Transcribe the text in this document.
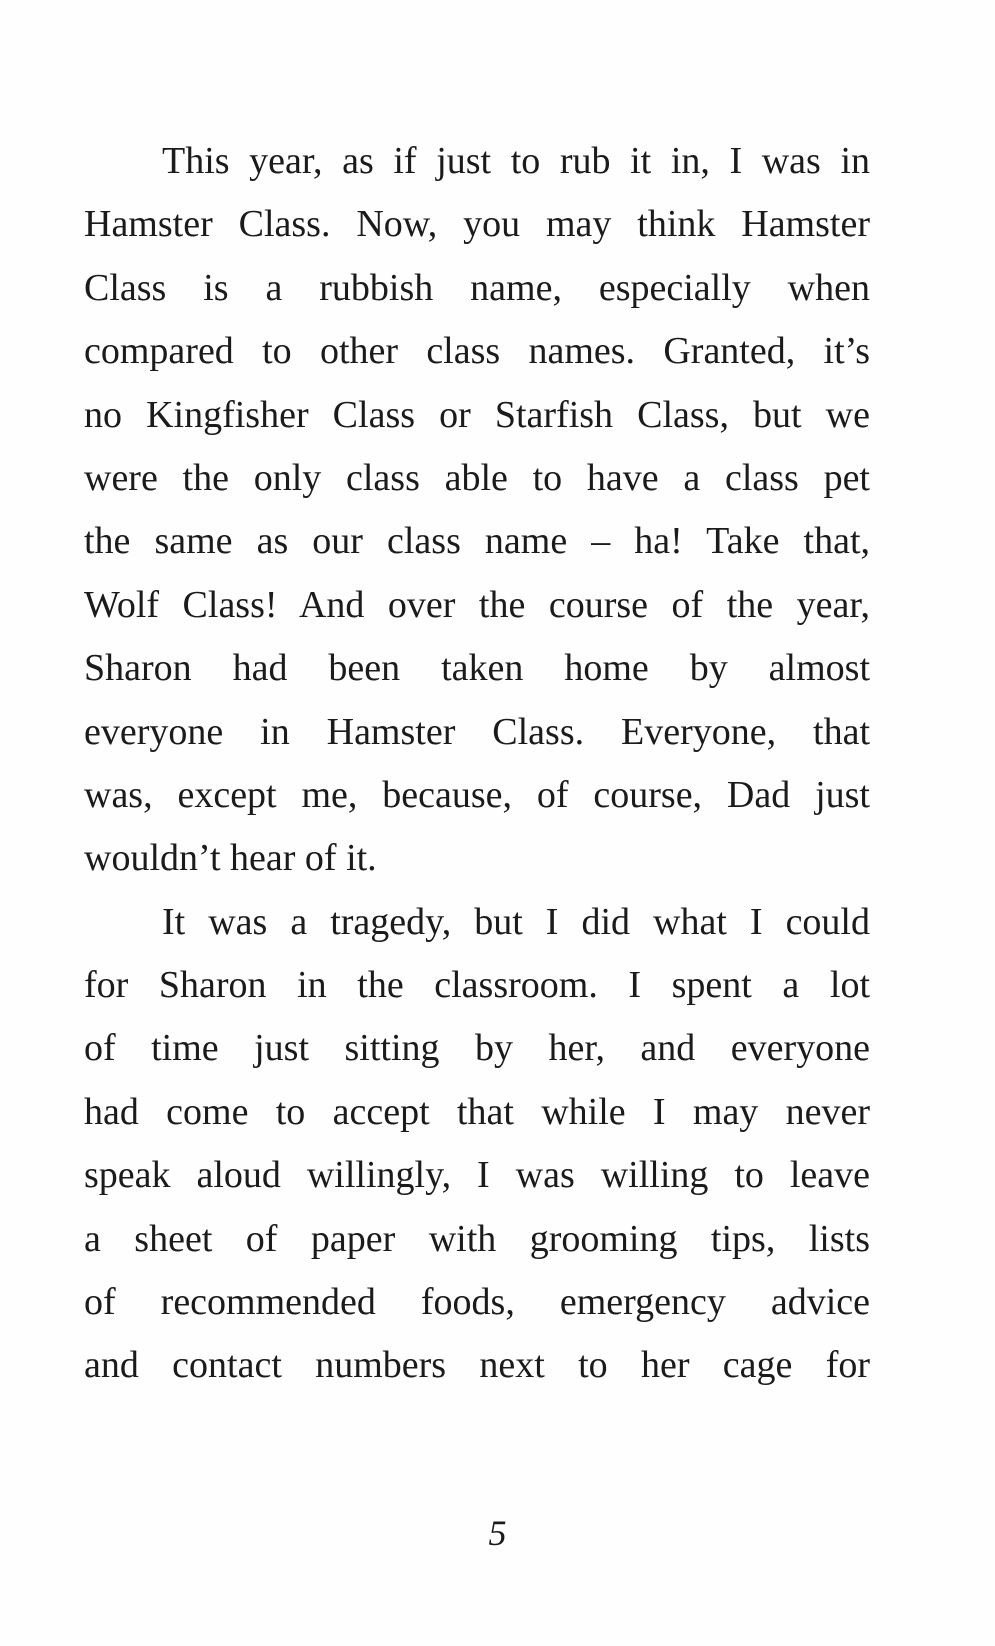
This year, as if just to rub it in, I was in
Hamster Class. Now, you may think Hamster
Class is a rubbish name, especially when
compared to other class names. Granted, it’s
no Kingfisher Class or Starfish Class, but we
were the only class able to have a class pet
the same as our class name – ha! Take that,
Wolf Class! And over the course of the year,
Sharon had been taken home by almost
everyone in Hamster Class. Everyone, that
was, except me, because, of course, Dad just
wouldn’t hear of it.
It was a tragedy, but I did what I could
for Sharon in the classroom. I spent a lot
of time just sitting by her, and everyone
had come to accept that while I may never
speak aloud willingly, I was willing to leave
a sheet of paper with grooming tips, lists
of recommended foods, emergency advice
and contact numbers next to her cage for
5
